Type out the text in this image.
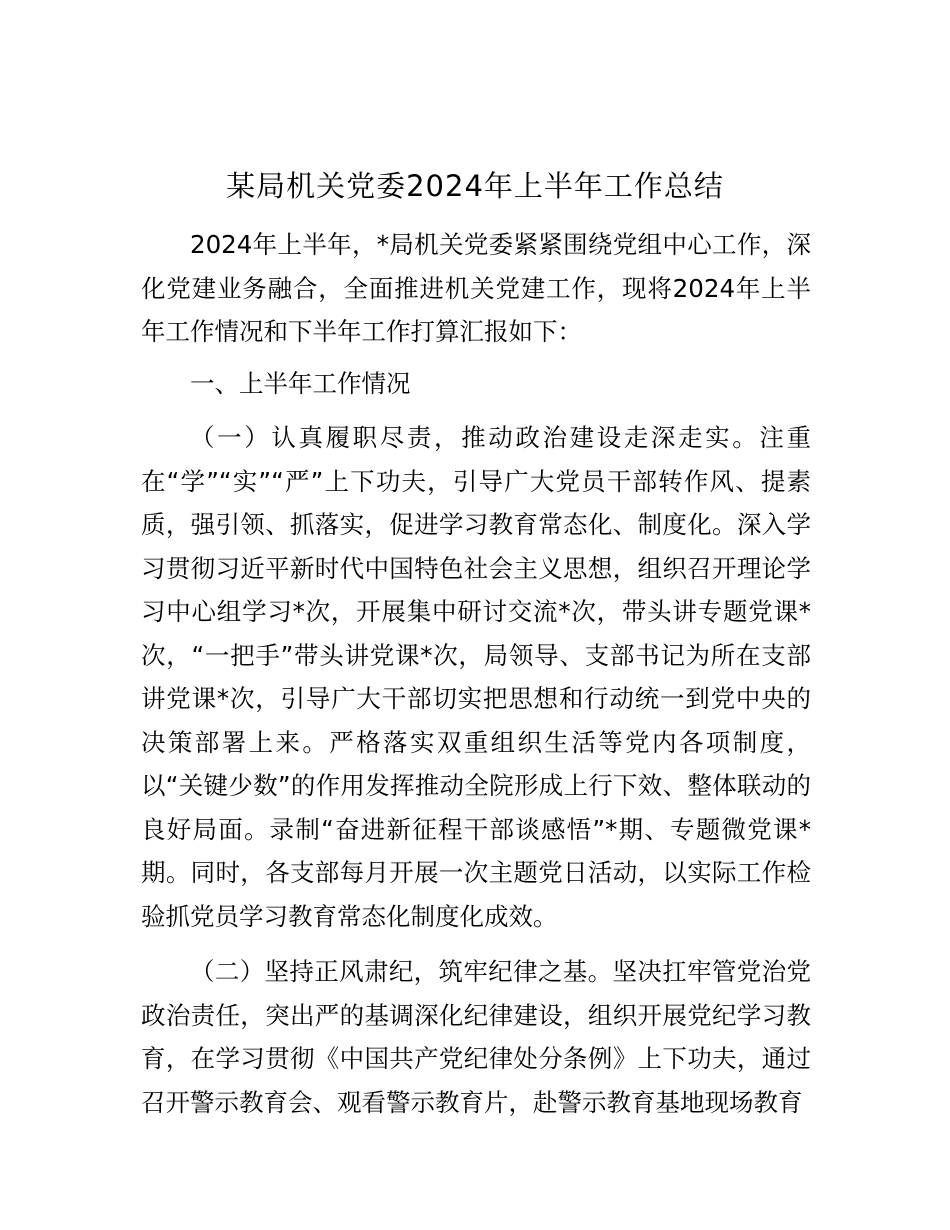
某局机关党委2024年上半年工作总结

2024年上半年，*局机关党委紧紧围绕党组中心工作，深化党建业务融合，全面推进机关党建工作，现将2024年上半年工作情况和下半年工作打算汇报如下：

一、上半年工作情况

（一）认真履职尽责，推动政治建设走深走实。注重在“学”“实”“严”上下功夫，引导广大党员干部转作风、提素质，强引领、抓落实，促进学习教育常态化、制度化。深入学习贯彻习近平新时代中国特色社会主义思想，组织召开理论学习中心组学习*次，开展集中研讨交流*次，带头讲专题党课*次，“一把手”带头讲党课*次，局领导、支部书记为所在支部讲党课*次，引导广大干部切实把思想和行动统一到党中央的决策部署上来。严格落实双重组织生活等党内各项制度，以“关键少数”的作用发挥推动全院形成上行下效、整体联动的良好局面。录制“奋进新征程干部谈感悟”*期、专题微党课*期。同时，各支部每月开展一次主题党日活动，以实际工作检验抓党员学习教育常态化制度化成效。

（二）坚持正风肃纪，筑牢纪律之基。坚决扛牢管党治党政治责任，突出严的基调深化纪律建设，组织开展党纪学习教育，在学习贯彻《中国共产党纪律处分条例》上下功夫，通过召开警示教育会、观看警示教育片，赴警示教育基地现场教育
